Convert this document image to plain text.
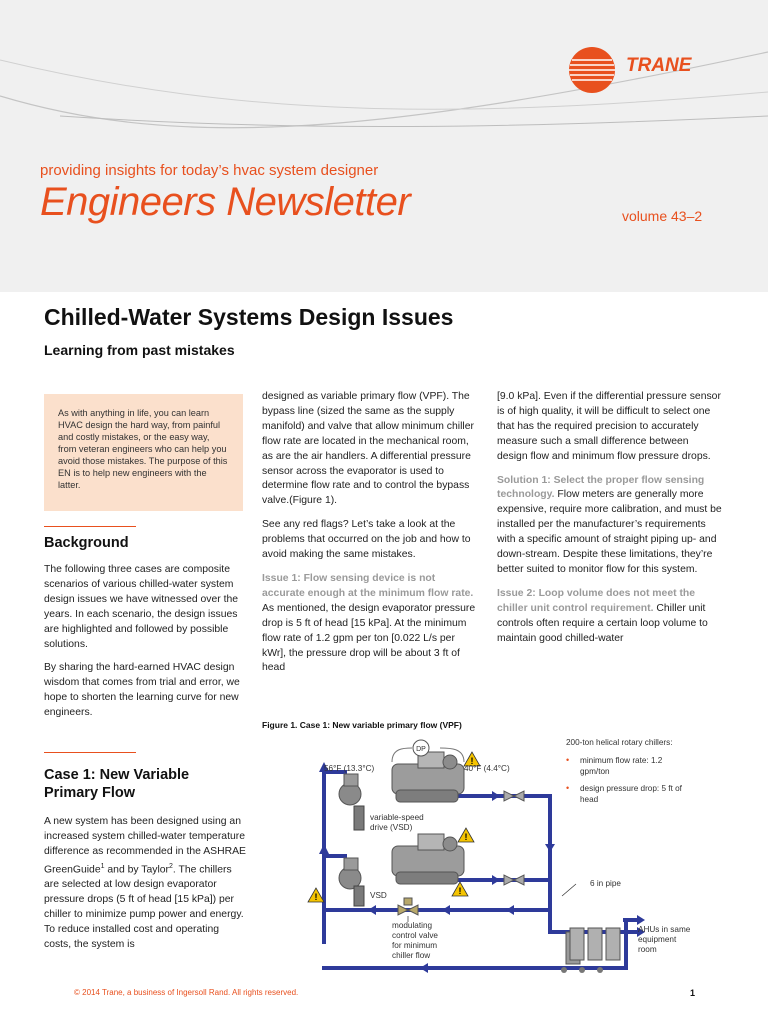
TRANE
providing insights for today’s hvac system designer
Engineers Newsletter	volume 43–2
Chilled-Water Systems Design Issues
Learning from past mistakes

As with anything in life, you can learn HVAC design the hard way, from painful and costly mistakes, or the easy way, from veteran engineers who can help you avoid those mistakes. The purpose of this EN is to help new engineers with the latter.

Background

The following three cases are composite scenarios of various chilled-water system design issues we have witnessed over the years. In each scenario, the design issues are highlighted and followed by possible solutions.

By sharing the hard-earned HVAC design wisdom that comes from trial and error, we hope to shorten the learning curve for new engineers.

Case 1: New Variable Primary Flow

A new system has been designed using an increased system chilled-water temperature difference as recommended in the ASHRAE GreenGuide$^1$ and by Taylor$^2$. The chillers are selected at low design evaporator pressure drops (5 ft of head [15 kPa]) per chiller to minimize pump power and energy. To reduce installed cost and operating costs, the system is

designed as variable primary flow (VPF). The bypass line (sized the same as the supply manifold) and valve that allow minimum chiller flow rate are located in the mechanical room, as are the air handlers. A differential pressure sensor across the evaporator is used to determine flow rate and to control the bypass valve.(Figure 1).

See any red flags? Let’s take a look at the problems that occurred on the job and how to avoid making the same mistakes.

Issue 1: Flow sensing device is not accurate enough at the minimum flow rate. As mentioned, the design evaporator pressure drop is 5 ft of head [15 kPa]. At the minimum flow rate of 1.2 gpm per ton [0.022 L/s per kWr], the pressure drop will be about 3 ft of head

[9.0 kPa]. Even if the differential pressure sensor is of high quality, it will be difficult to select one that has the required precision to accurately measure such a small difference between design flow and minimum flow pressure drops.

Solution 1: Select the proper flow sensing technology. Flow meters are generally more expensive, require more calibration, and must be installed per the manufacturer’s requirements with a specific amount of straight piping up- and down-stream. Despite these limitations, they’re better suited to monitor flow for this system.

Issue 2: Loop volume does not meet the chiller unit control requirement. Chiller unit controls often require a certain loop volume to maintain good chilled-water

Figure 1. Case 1: New variable primary flow (VPF)
DP
!
!
!
!
56°F (13.3°C)	40°F (4.4°C)
variable-speed
drive (VSD)
VSD
6 in pipe
modulating
control valve
for minimum
chiller flow
AHUs in same
equipment
room
200-ton helical rotary chillers:
•	minimum flow rate: 1.2 gpm/ton
•	design pressure drop: 5 ft of head
© 2014 Trane, a business of Ingersoll Rand. All rights reserved.	1
